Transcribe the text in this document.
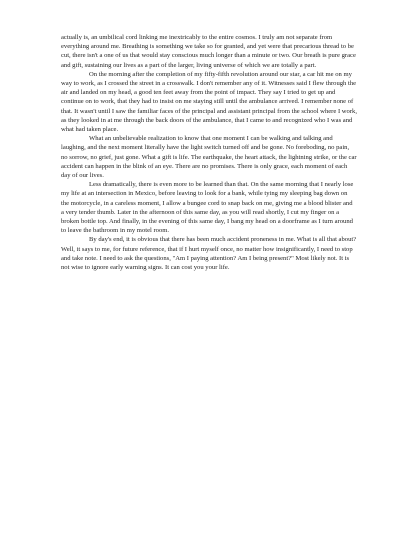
actually is, an umbilical cord linking me inextricably to the entire cosmos. I truly am not separate from everything around me. Breathing is something we take so for granted, and yet were that precarious thread to be cut, there isn't a one of us that would stay conscious much longer than a minute or two. Our breath is pure grace and gift, sustaining our lives as a part of the larger, living universe of which we are totally a part.

On the morning after the completion of my fifty-fifth revolution around our star, a car hit me on my way to work, as I crossed the street in a crosswalk. I don't remember any of it. Witnesses said I flew through the air and landed on my head, a good ten feet away from the point of impact. They say I tried to get up and continue on to work, that they had to insist on me staying still until the ambulance arrived. I remember none of that. It wasn't until I saw the familiar faces of the principal and assistant principal from the school where I work, as they looked in at me through the back doors of the ambulance, that I came to and recognized who I was and what had taken place.

What an unbelievable realization to know that one moment I can be walking and talking and laughing, and the next moment literally have the light switch turned off and be gone. No foreboding, no pain, no sorrow, no grief, just gone. What a gift is life. The earthquake, the heart attack, the lightning strike, or the car accident can happen in the blink of an eye. There are no promises. There is only grace, each moment of each day of our lives.

Less dramatically, there is even more to be learned than that. On the same morning that I nearly lose my life at an intersection in Mexico, before leaving to look for a bank, while tying my sleeping bag down on the motorcycle, in a careless moment, I allow a bungee cord to snap back on me, giving me a blood blister and a very tender thumb. Later in the afternoon of this same day, as you will read shortly, I cut my finger on a broken bottle top. And finally, in the evening of this same day, I bang my head on a doorframe as I turn around to leave the bathroom in my motel room.

By day's end, it is obvious that there has been much accident proneness in me. What is all that about? Well, it says to me, for future reference, that if I hurt myself once, no matter how insignificantly, I need to stop and take note. I need to ask the questions, "Am I paying attention? Am I being present?" Most likely not. It is not wise to ignore early warning signs. It can cost you your life.
